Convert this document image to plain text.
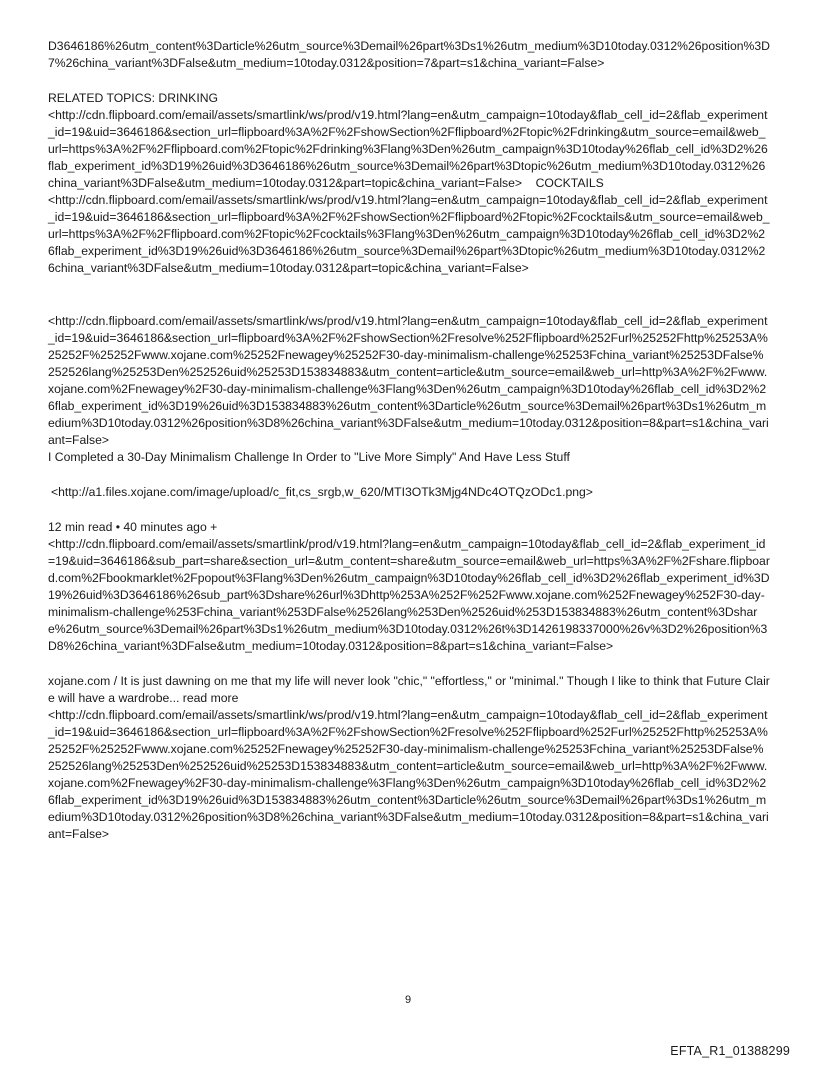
D3646186%26utm_content%3Darticle%26utm_source%3Demail%26part%3Ds1%26utm_medium%3D10today.0312%26position%3D7%26china_variant%3DFalse&utm_medium=10today.0312&position=7&part=s1&china_variant=False>

RELATED TOPICS: DRINKING

<http://cdn.flipboard.com/email/assets/smartlink/ws/prod/v19.html?lang=en&utm_campaign=10today&flab_cell_id=2&flab_experiment_id=19&uid=3646186&section_url=flipboard%3A%2F%2FshowSection%2Fflipboard%2Ftopic%2Fdrinking&utm_source=email&web_url=https%3A%2F%2Fflipboard.com%2Ftopic%2Fdrinking%3Flang%3Den%26utm_campaign%3D10today%26flab_cell_id%3D2%26flab_experiment_id%3D19%26uid%3D3646186%26utm_source%3Demail%26part%3Dtopic%26utm_medium%3D10today.0312%26china_variant%3DFalse&utm_medium=10today.0312&part=topic&china_variant=False> COCKTAILS
<http://cdn.flipboard.com/email/assets/smartlink/ws/prod/v19.html?lang=en&utm_campaign=10today&flab_cell_id=2&flab_experiment_id=19&uid=3646186&section_url=flipboard%3A%2F%2FshowSection%2Fflipboard%2Ftopic%2Fcocktails&utm_source=email&web_url=https%3A%2F%2Fflipboard.com%2Ftopic%2Fcocktails%3Flang%3Den%26utm_campaign%3D10today%26flab_cell_id%3D2%26flab_experiment_id%3D19%26uid%3D3646186%26utm_source%3Demail%26part%3Dtopic%26utm_medium%3D10today.0312%26china_variant%3DFalse&utm_medium=10today.0312&part=topic&china_variant=False>

<http://cdn.flipboard.com/email/assets/smartlink/ws/prod/v19.html?lang=en&utm_campaign=10today&flab_cell_id=2&flab_experiment_id=19&uid=3646186&section_url=flipboard%3A%2F%2FshowSection%2Fresolve%252Fflipboard%252Furl%25252Fhttp%25253A%25252F%25252Fwww.xojane.com%25252Fnewagey%25252F30-day-minimalism-challenge%25253Fchina_variant%25253DFalse%252526lang%25253Den%252526uid%25253D153834883&utm_content=article&utm_source=email&web_url=http%3A%2F%2Fwww.xojane.com%2Fnewagey%2F30-day-minimalism-challenge%3Flang%3Den%26utm_campaign%3D10today%26flab_cell_id%3D2%26flab_experiment_id%3D19%26uid%3D153834883%26utm_content%3Darticle%26utm_source%3Demail%26part%3Ds1%26utm_medium%3D10today.0312%26position%3D8%26china_variant%3DFalse&utm_medium=10today.0312&position=8&part=s1&china_variant=False>

I Completed a 30-Day Minimalism Challenge In Order to "Live More Simply" And Have Less Stuff

<http://a1.files.xojane.com/image/upload/c_fit,cs_srgb,w_620/MTI3OTk3Mjg4NDc4OTQzODc1.png>

12 min read • 40 minutes ago +

<http://cdn.flipboard.com/email/assets/smartlink/prod/v19.html?lang=en&utm_campaign=10today&flab_cell_id=2&flab_experiment_id=19&uid=3646186&sub_part=share&section_url=&utm_content=share&utm_source=email&web_url=https%3A%2F%2Fshare.flipboard.com%2Fbookmarklet%2Fpopout%3Flang%3Den%26utm_campaign%3D10today%26flab_cell_id%3D2%26flab_experiment_id%3D19%26uid%3D3646186%26sub_part%3Dshare%26url%3Dhttp%253A%252F%252Fwww.xojane.com%252Fnewagey%252F30-day-minimalism-challenge%253Fchina_variant%253DFalse%2526lang%253Den%2526uid%253D153834883%26utm_content%3Dshare%26utm_source%3Demail%26part%3Ds1%26utm_medium%3D10today.0312%26t%3D1426198337000%26v%3D2%26position%3D8%26china_variant%3DFalse&utm_medium=10today.0312&position=8&part=s1&china_variant=False>

xojane.com / It is just dawning on me that my life will never look "chic," "effortless," or "minimal." Though I like to think that Future Claire will have a wardrobe... read more

<http://cdn.flipboard.com/email/assets/smartlink/ws/prod/v19.html?lang=en&utm_campaign=10today&flab_cell_id=2&flab_experiment_id=19&uid=3646186&section_url=flipboard%3A%2F%2FshowSection%2Fresolve%252Fflipboard%252Furl%25252Fhttp%25253A%25252F%25252Fwww.xojane.com%25252Fnewagey%25252F30-day-minimalism-challenge%25253Fchina_variant%25253DFalse%252526lang%25253Den%252526uid%25253D153834883&utm_content=article&utm_source=email&web_url=http%3A%2F%2Fwww.xojane.com%2Fnewagey%2F30-day-minimalism-challenge%3Flang%3Den%26utm_campaign%3D10today%26flab_cell_id%3D2%26flab_experiment_id%3D19%26uid%3D153834883%26utm_content%3Darticle%26utm_source%3Demail%26part%3Ds1%26utm_medium%3D10today.0312%26position%3D8%26china_variant%3DFalse&utm_medium=10today.0312&position=8&part=s1&china_variant=False>

9
EFTA_R1_01388299
